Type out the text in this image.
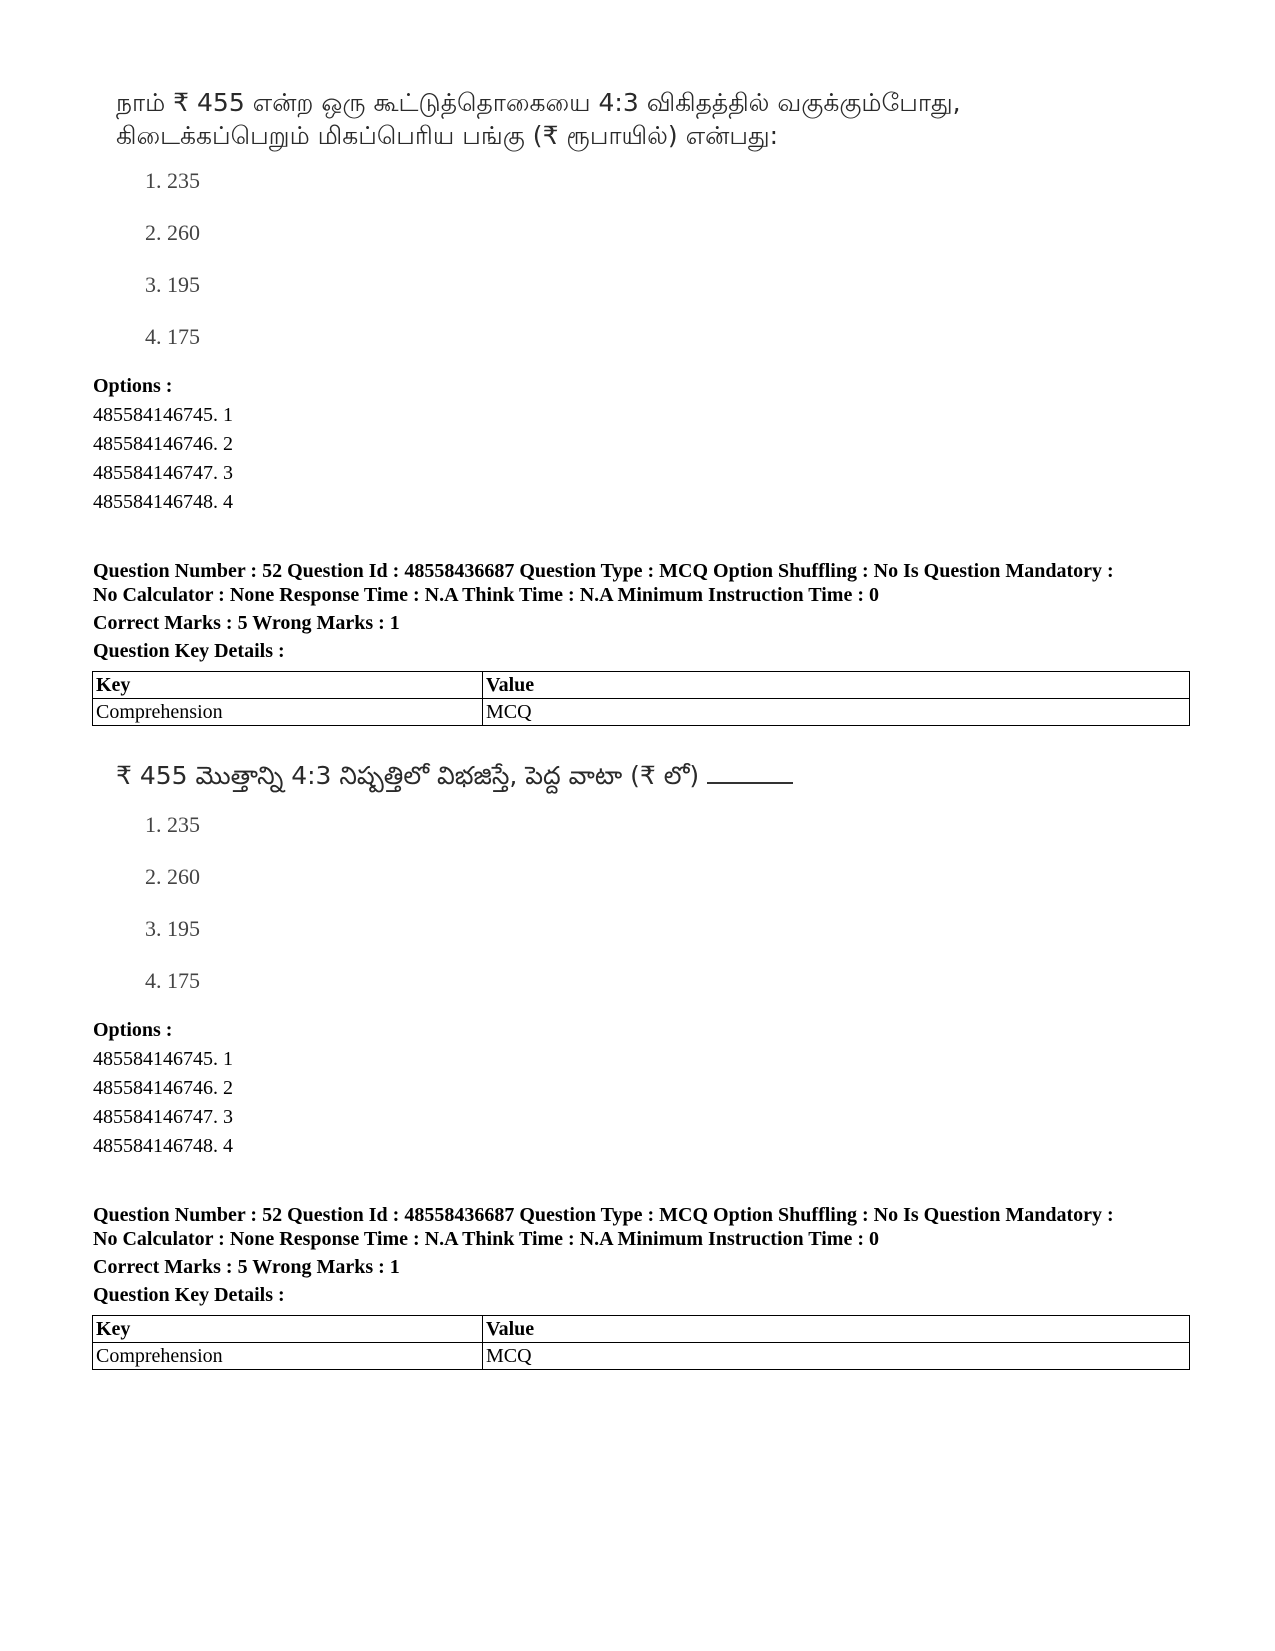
நாம் ₹ 455 என்ற ஒரு கூட்டுத்தொகையை 4:3 விகிதத்தில் வகுக்கும்போது,
கிடைக்கப்பெறும் மிகப்பெரிய பங்கு (₹ ரூபாயில்) என்பது:
1. 235
2. 260
3. 195
4. 175
Options :
485584146745. 1
485584146746. 2
485584146747. 3
485584146748. 4
Question Number : 52 Question Id : 48558436687 Question Type : MCQ Option Shuffling : No Is Question Mandatory :
No Calculator : None Response Time : N.A Think Time : N.A Minimum Instruction Time : 0
Correct Marks : 5 Wrong Marks : 1
Question Key Details :
Key	Value
Comprehension	MCQ
₹ 455 మొత్తాన్ని 4:3 నిష్పత్తిలో విభజిస్తే, పెద్ద వాటా (₹ లో)
1. 235
2. 260
3. 195
4. 175
Options :
485584146745. 1
485584146746. 2
485584146747. 3
485584146748. 4
Question Number : 52 Question Id : 48558436687 Question Type : MCQ Option Shuffling : No Is Question Mandatory :
No Calculator : None Response Time : N.A Think Time : N.A Minimum Instruction Time : 0
Correct Marks : 5 Wrong Marks : 1
Question Key Details :
Key	Value
Comprehension	MCQ
